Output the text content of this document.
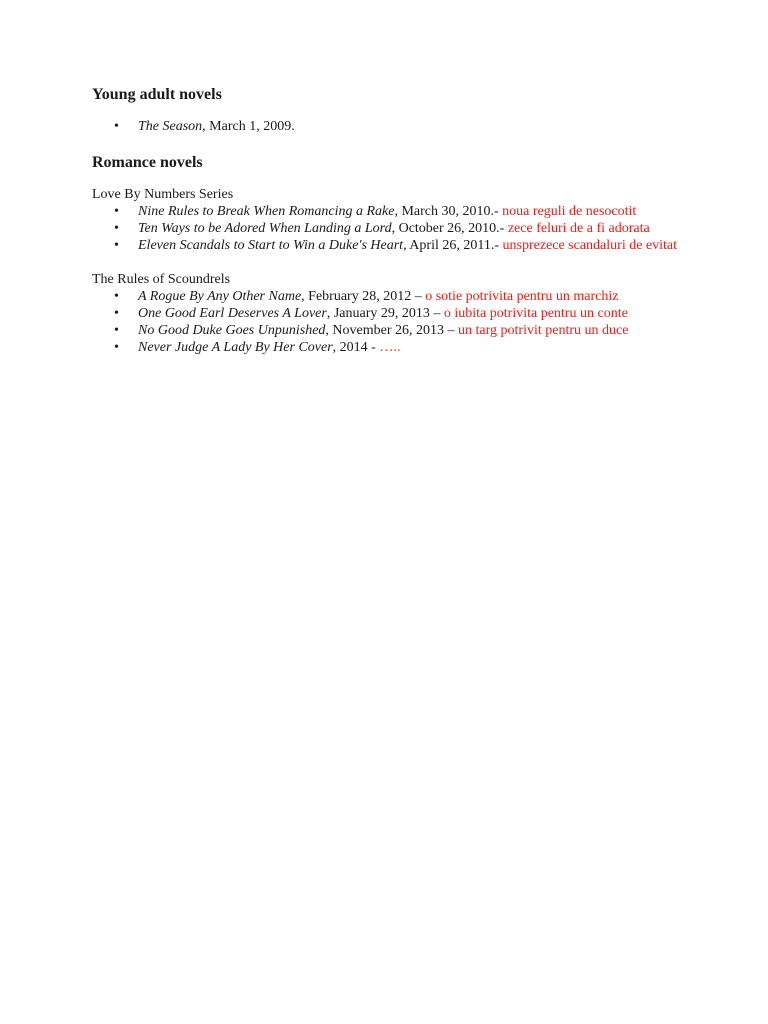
Young adult novels
• The Season, March 1, 2009.
Romance novels

Love By Numbers Series

• Nine Rules to Break When Romancing a Rake, March 30, 2010.- noua reguli de nesocotit
• Ten Ways to be Adored When Landing a Lord, October 26, 2010.- zece feluri de a fi adorata
• Eleven Scandals to Start to Win a Duke's Heart, April 26, 2011.- unsprezece scandaluri de evitat

The Rules of Scoundrels

• A Rogue By Any Other Name, February 28, 2012 – o sotie potrivita pentru un marchiz
• One Good Earl Deserves A Lover, January 29, 2013 – o iubita potrivita pentru un conte
• No Good Duke Goes Unpunished, November 26, 2013 – un targ potrivit pentru un duce
• Never Judge A Lady By Her Cover, 2014 - …..
